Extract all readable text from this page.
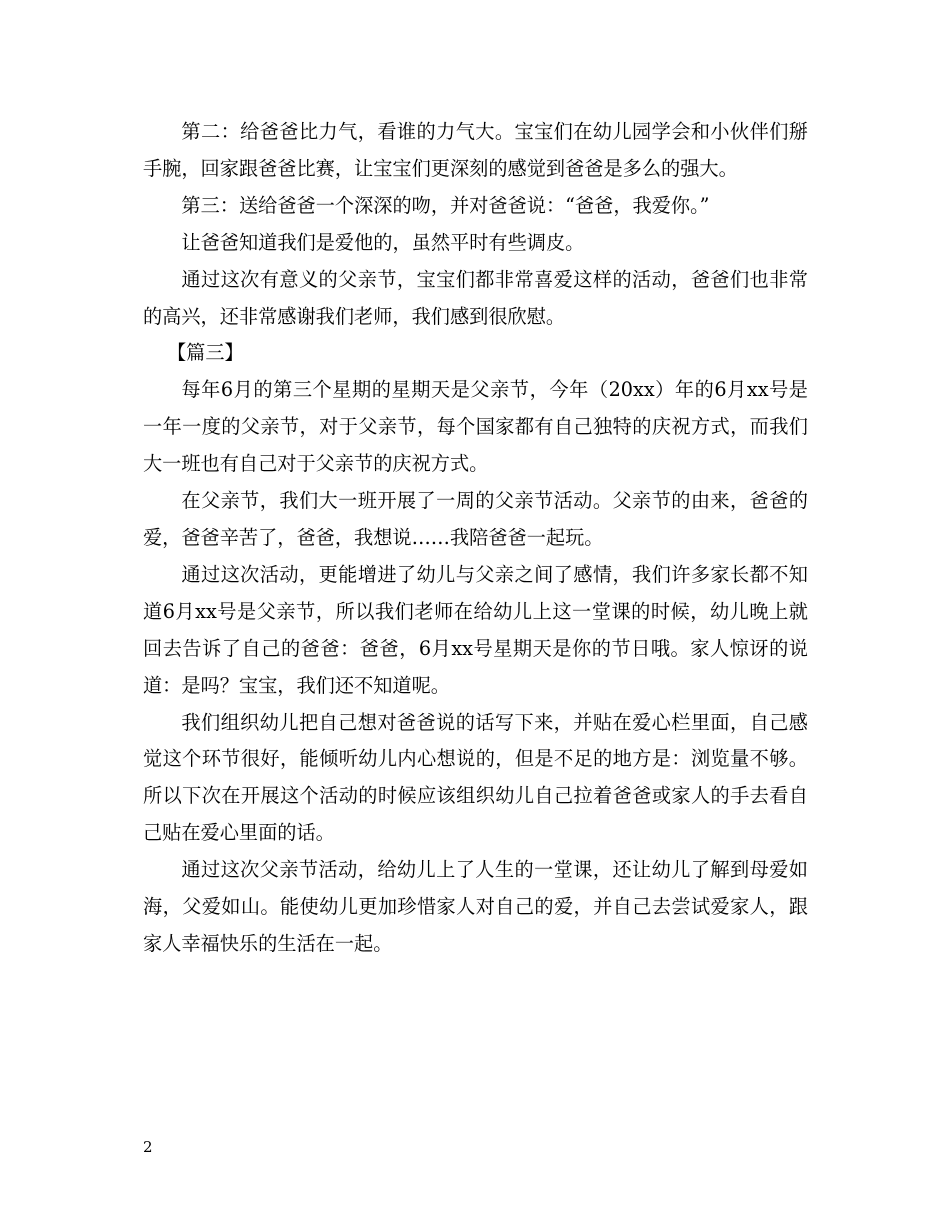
第二：给爸爸比力气，看谁的力气大。宝宝们在幼儿园学会和小伙伴们掰手腕，回家跟爸爸比赛，让宝宝们更深刻的感觉到爸爸是多么的强大。

第三：送给爸爸一个深深的吻，并对爸爸说：“爸爸，我爱你。”

让爸爸知道我们是爱他的，虽然平时有些调皮。

通过这次有意义的父亲节，宝宝们都非常喜爱这样的活动，爸爸们也非常的高兴，还非常感谢我们老师，我们感到很欣慰。

【篇三】

每年6月的第三个星期的星期天是父亲节，今年（20xx）年的6月xx号是一年一度的父亲节，对于父亲节，每个国家都有自己独特的庆祝方式，而我们大一班也有自己对于父亲节的庆祝方式。

在父亲节，我们大一班开展了一周的父亲节活动。父亲节的由来，爸爸的爱，爸爸辛苦了，爸爸，我想说……我陪爸爸一起玩。

通过这次活动，更能增进了幼儿与父亲之间了感情，我们许多家长都不知道6月xx号是父亲节，所以我们老师在给幼儿上这一堂课的时候，幼儿晚上就回去告诉了自己的爸爸：爸爸，6月xx号星期天是你的节日哦。家人惊讶的说道：是吗？宝宝，我们还不知道呢。

我们组织幼儿把自己想对爸爸说的话写下来，并贴在爱心栏里面，自己感觉这个环节很好，能倾听幼儿内心想说的，但是不足的地方是：浏览量不够。所以下次在开展这个活动的时候应该组织幼儿自己拉着爸爸或家人的手去看自己贴在爱心里面的话。

通过这次父亲节活动，给幼儿上了人生的一堂课，还让幼儿了解到母爱如海，父爱如山。能使幼儿更加珍惜家人对自己的爱，并自己去尝试爱家人，跟家人幸福快乐的生活在一起。

2
